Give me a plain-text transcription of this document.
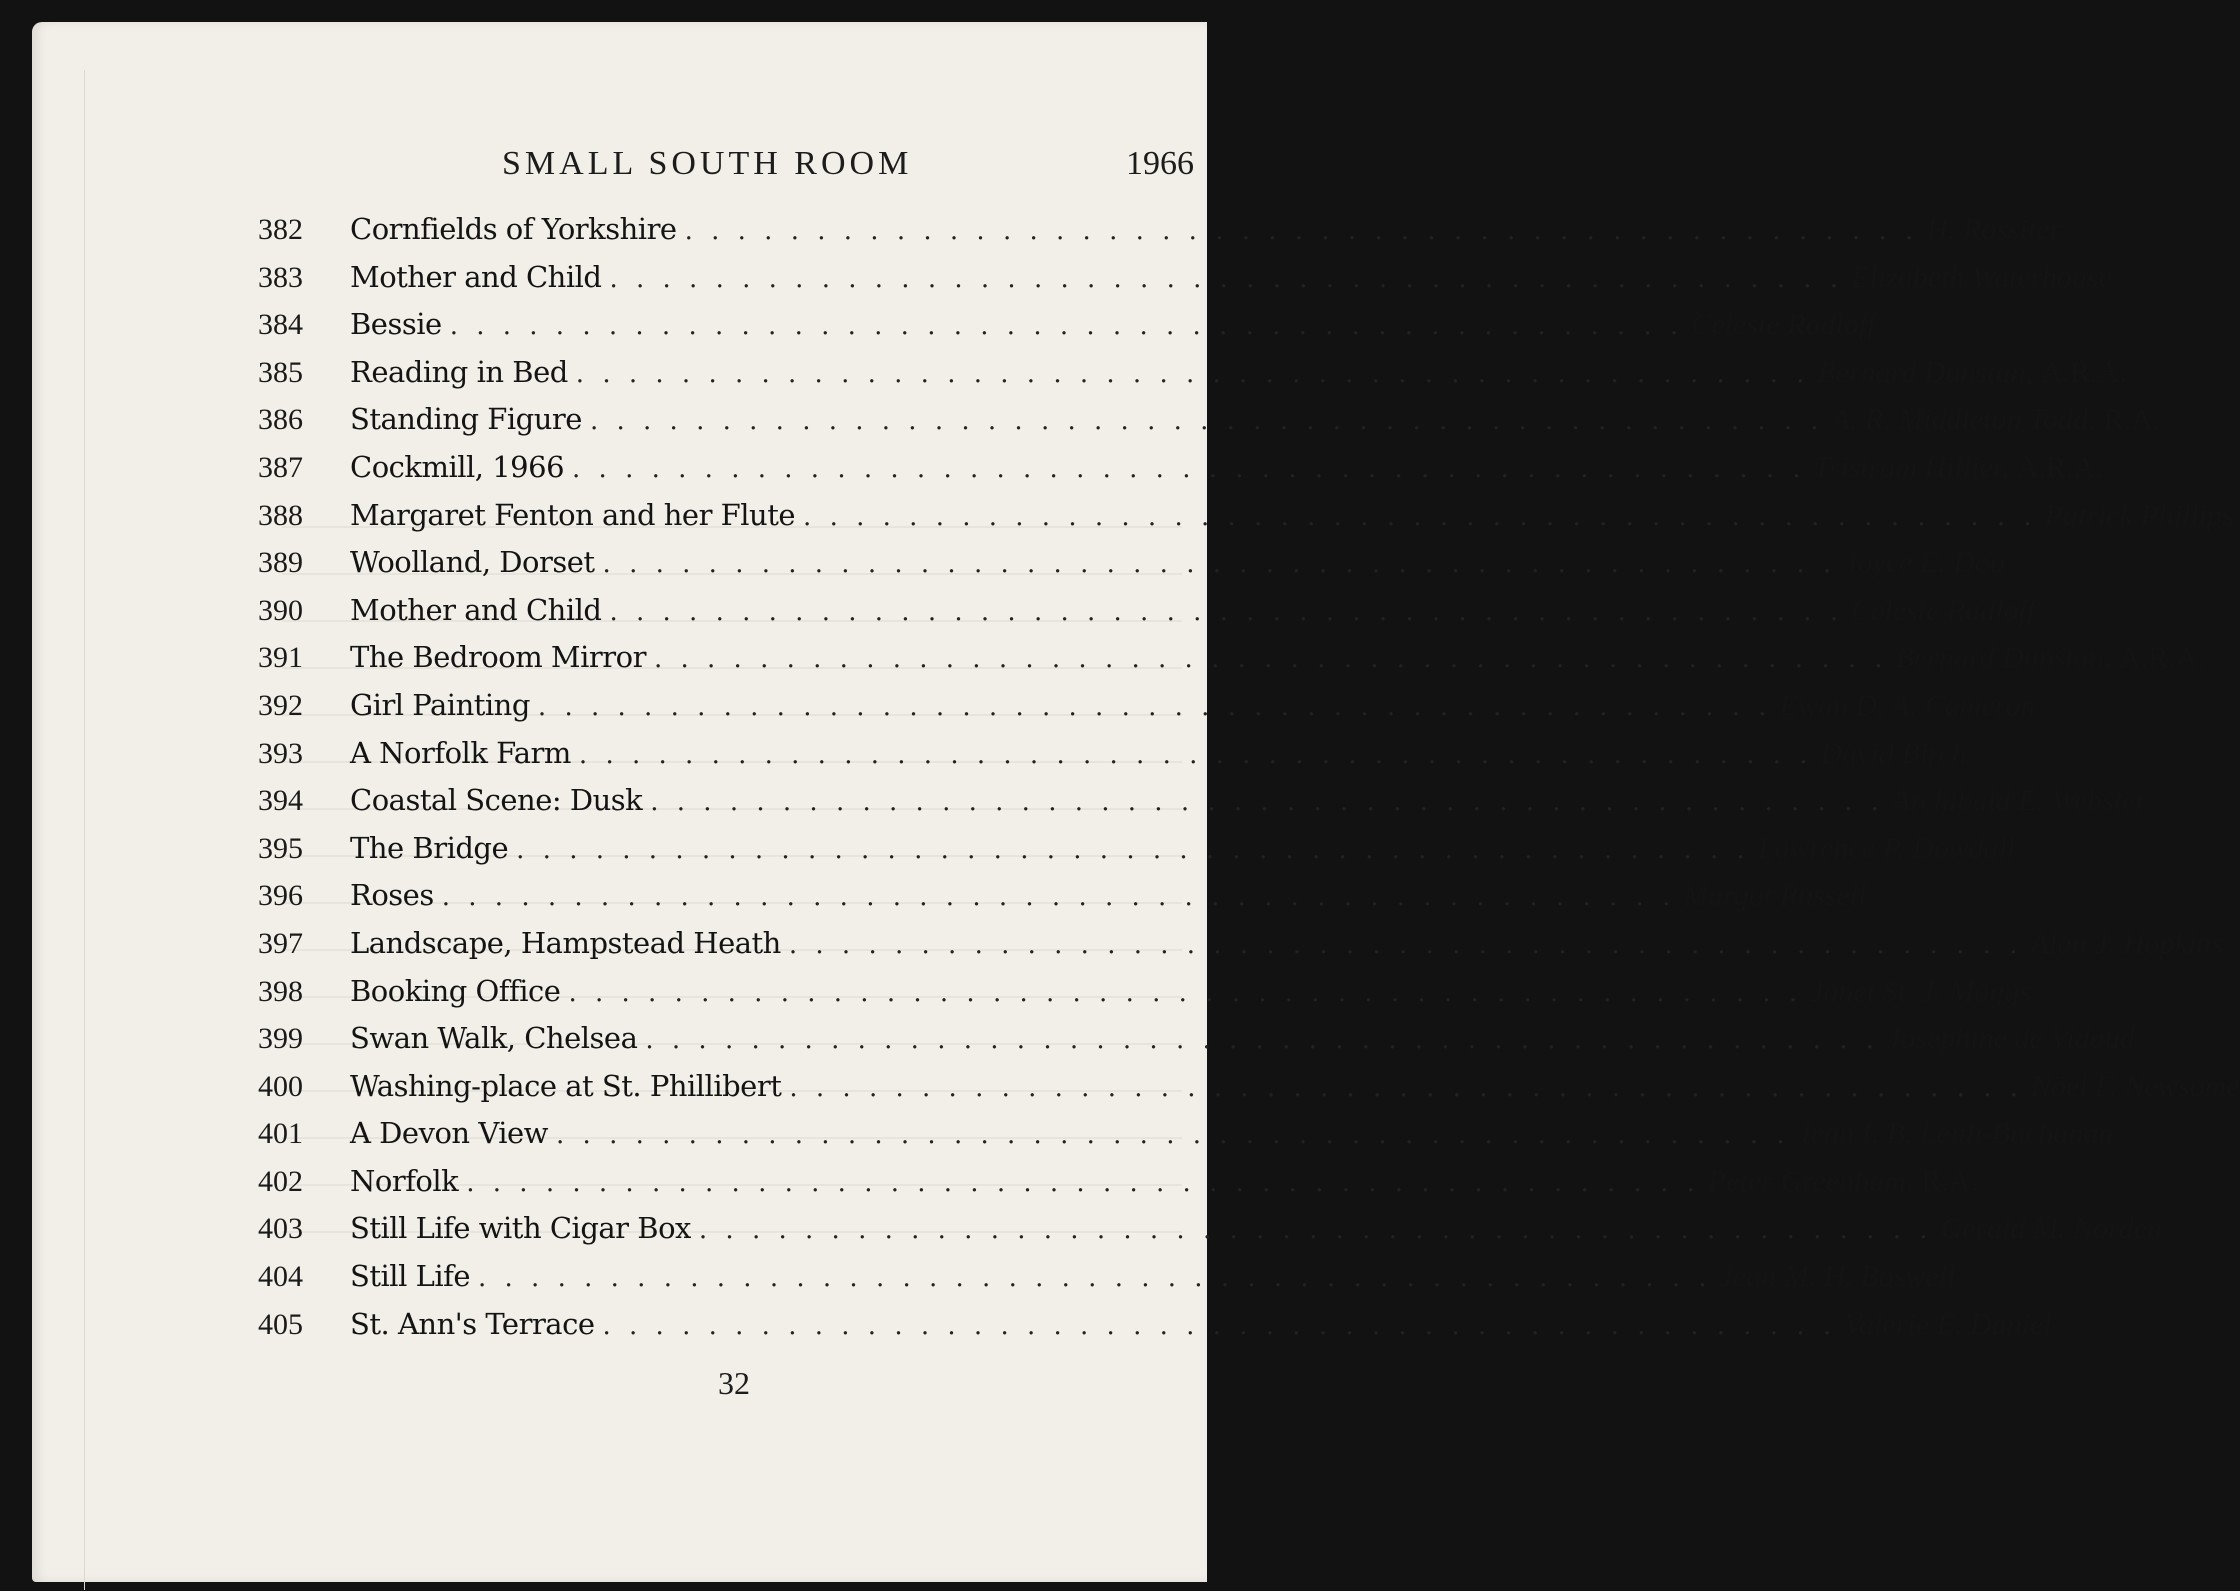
SMALL SOUTH ROOM	1966
382	Cornfields of Yorkshire . . .	H. Rossiter
383	Mother and Child . . .	Elizabeth Waterhouse
384	Bessie . . .	Celeste Radloff
385	Reading in Bed . . .	Bernard Dunstan, A.R.A.
386	Standing Figure . . .	A. R. Middleton Todd, R.A.
387	Cockmill, 1966 . . .	Tristram Hillier, A.R.A.
388	Margaret Fenton and her Flute . . .	Patrick Phillips
389	Woolland, Dorset . . .	Joyce E. Doo
390	Mother and Child . . .	Celeste Radloff
391	The Bedroom Mirror . . .	Bernard Dunstan, A.R.A.
392	Girl Painting . . .	Ewan D. A. Cameron
393	A Norfolk Farm . . .	David Birch
394	Coastal Scene: Dusk . . .	Archibald E. Webster
395	The Bridge . . .	Lawrence P. Dowdall
396	Roses . . .	Margot Russell
397	Landscape, Hampstead Heath . . .	Alan J. Hopkins
398	Booking Office . . .	Janet St. J. Maggs
399	Swan Walk, Chelsea . . .	Josephine de Vidaud
400	Washing-place at St. Phillibert . . .	Nöel F. Newsome
401	A Devon View . . .	Jean I. B. Leith-Buchanan
402	Norfolk . . .	Peter Greenham, R.A.
403	Still Life with Cigar Box . . .	Gerald M. Norden
404	Still Life . . .	Jean M. H. Boswell
405	St. Ann's Terrace . . .	Valerie E. Daniel
32
